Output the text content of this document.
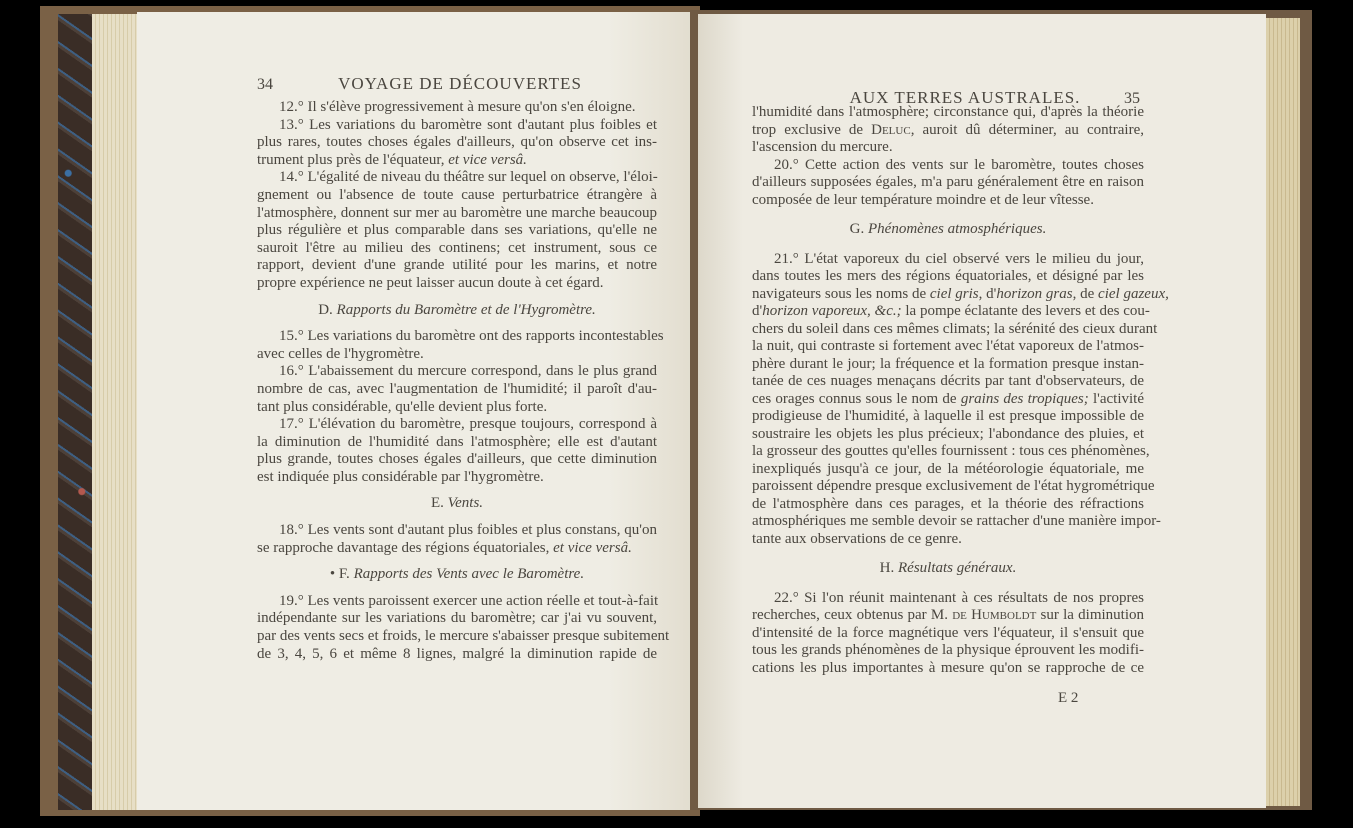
34	VOYAGE DE DÉCOUVERTES
12.° Il s'élève progressivement à mesure qu'on s'en éloigne.
13.° Les variations du baromètre sont d'autant plus foibles et
plus rares, toutes choses égales d'ailleurs, qu'on observe cet ins-
trument plus près de l'équateur, et vice versâ.
14.° L'égalité de niveau du théâtre sur lequel on observe, l'éloi-
gnement ou l'absence de toute cause perturbatrice étrangère à
l'atmosphère, donnent sur mer au baromètre une marche beaucoup
plus régulière et plus comparable dans ses variations, qu'elle ne
sauroit l'être au milieu des continens; cet instrument, sous ce
rapport, devient d'une grande utilité pour les marins, et notre
propre expérience ne peut laisser aucun doute à cet égard.
D. Rapports du Baromètre et de l'Hygromètre.
15.° Les variations du baromètre ont des rapports incontestables
avec celles de l'hygromètre.
16.° L'abaissement du mercure correspond, dans le plus grand
nombre de cas, avec l'augmentation de l'humidité; il paroît d'au-
tant plus considérable, qu'elle devient plus forte.
17.° L'élévation du baromètre, presque toujours, correspond à
la diminution de l'humidité dans l'atmosphère; elle est d'autant
plus grande, toutes choses égales d'ailleurs, que cette diminution
est indiquée plus considérable par l'hygromètre.
E. Vents.
18.° Les vents sont d'autant plus foibles et plus constans, qu'on
se rapproche davantage des régions équatoriales, et vice versâ.
• F. Rapports des Vents avec le Baromètre.
19.° Les vents paroissent exercer une action réelle et tout-à-fait
indépendante sur les variations du baromètre; car j'ai vu souvent,
par des vents secs et froids, le mercure s'abaisser presque subitement
de 3, 4, 5, 6 et même 8 lignes, malgré la diminution rapide de
AUX TERRES AUSTRALES.	35
l'humidité dans l'atmosphère; circonstance qui, d'après la théorie
trop exclusive de Deluc, auroit dû déterminer, au contraire,
l'ascension du mercure.
20.° Cette action des vents sur le baromètre, toutes choses
d'ailleurs supposées égales, m'a paru généralement être en raison
composée de leur température moindre et de leur vîtesse.
G. Phénomènes atmosphériques.
21.° L'état vaporeux du ciel observé vers le milieu du jour,
dans toutes les mers des régions équatoriales, et désigné par les
navigateurs sous les noms de ciel gris, d'horizon gras, de ciel gazeux,
d'horizon vaporeux, &c.; la pompe éclatante des levers et des cou-
chers du soleil dans ces mêmes climats; la sérénité des cieux durant
la nuit, qui contraste si fortement avec l'état vaporeux de l'atmos-
phère durant le jour; la fréquence et la formation presque instan-
tanée de ces nuages menaçans décrits par tant d'observateurs, de
ces orages connus sous le nom de grains des tropiques; l'activité
prodigieuse de l'humidité, à laquelle il est presque impossible de
soustraire les objets les plus précieux; l'abondance des pluies, et
la grosseur des gouttes qu'elles fournissent : tous ces phénomènes,
inexpliqués jusqu'à ce jour, de la météorologie équatoriale, me
paroissent dépendre presque exclusivement de l'état hygrométrique
de l'atmosphère dans ces parages, et la théorie des réfractions
atmosphériques me semble devoir se rattacher d'une manière impor-
tante aux observations de ce genre.
H. Résultats généraux.
22.° Si l'on réunit maintenant à ces résultats de nos propres
recherches, ceux obtenus par M. de Humboldt sur la diminution
d'intensité de la force magnétique vers l'équateur, il s'ensuit que
tous les grands phénomènes de la physique éprouvent les modifi-
cations les plus importantes à mesure qu'on se rapproche de ce
E 2
